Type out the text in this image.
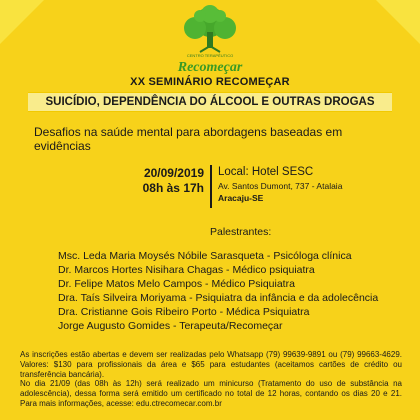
CENTRO TERAPÊUTICO
Recomeçar
XX SEMINÁRIO RECOMEÇAR
SUICÍDIO, DEPENDÊNCIA DO ÁLCOOL E OUTRAS DROGAS
Desafios na saúde mental para abordagens baseadas em evidências
20/09/2019
08h às 17h
Local: Hotel SESC
Av. Santos Dumont, 737 - Atalaia
Aracaju-SE
Palestrantes:
Msc. Leda Maria Moysés Nóbile Sarasqueta - Psicóloga clínica
Dr. Marcos Hortes Nisihara Chagas - Médico psiquiatra
Dr. Felipe Matos Melo Campos - Médico Psiquiatra
Dra. Taís Silveira Moriyama - Psiquiatra da infância e da adolecência
Dra. Cristianne Gois Ribeiro Porto - Médica Psiquiatra
Jorge Augusto Gomides - Terapeuta/Recomeçar
As inscrições estão abertas e devem ser realizadas pelo Whatsapp (79) 99639-9891 ou (79) 99663-4629. Valores: $130 para profissionais da área e $65 para estudantes (aceitamos cartões de crédito ou transferência bancária).
No dia 21/09 (das 08h às 12h) será realizado um minicurso (Tratamento do uso de substância na adolescência), dessa forma será emitido um certificado no total de 12 horas, contando os dias 20 e 21. Para mais informações, acesse: edu.ctrecomecar.com.br
